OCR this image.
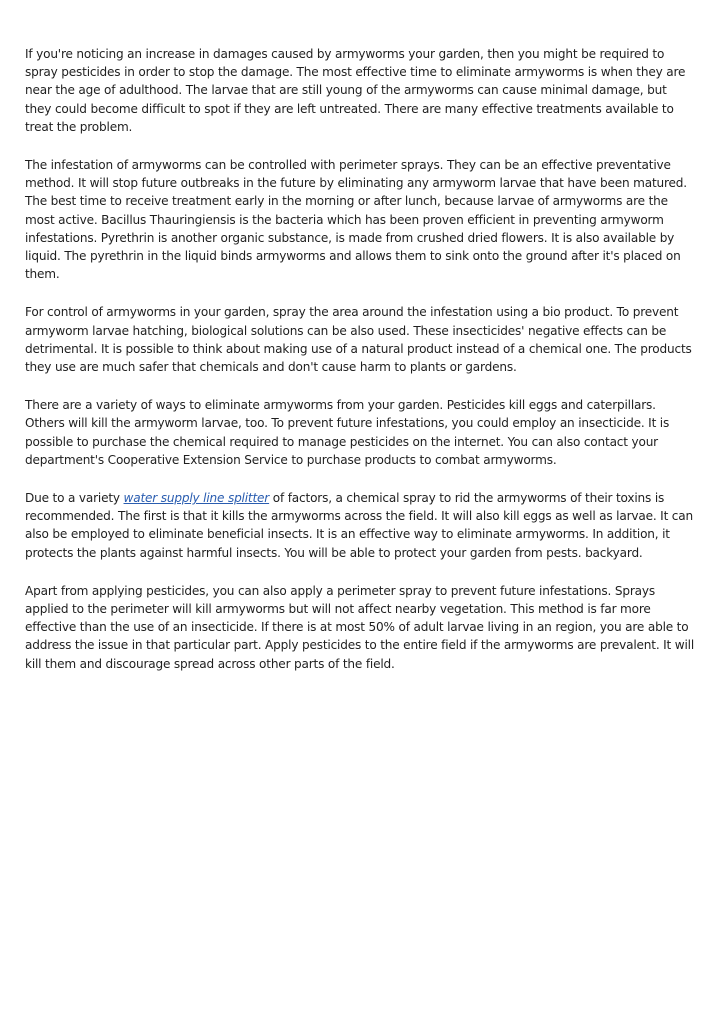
If you're noticing an increase in damages caused by armyworms your garden, then you might be required to spray pesticides in order to stop the damage. The most effective time to eliminate armyworms is when they are near the age of adulthood. The larvae that are still young of the armyworms can cause minimal damage, but they could become difficult to spot if they are left untreated. There are many effective treatments available to treat the problem.

The infestation of armyworms can be controlled with perimeter sprays. They can be an effective preventative method. It will stop future outbreaks in the future by eliminating any armyworm larvae that have been matured. The best time to receive treatment early in the morning or after lunch, because larvae of armyworms are the most active. Bacillus Thauringiensis is the bacteria which has been proven efficient in preventing armyworm infestations. Pyrethrin is another organic substance, is made from crushed dried flowers. It is also available by liquid. The pyrethrin in the liquid binds armyworms and allows them to sink onto the ground after it's placed on them.

For control of armyworms in your garden, spray the area around the infestation using a bio product. To prevent armyworm larvae hatching, biological solutions can be also used. These insecticides' negative effects can be detrimental. It is possible to think about making use of a natural product instead of a chemical one. The products they use are much safer that chemicals and don't cause harm to plants or gardens.

There are a variety of ways to eliminate armyworms from your garden. Pesticides kill eggs and caterpillars. Others will kill the armyworm larvae, too. To prevent future infestations, you could employ an insecticide. It is possible to purchase the chemical required to manage pesticides on the internet. You can also contact your department's Cooperative Extension Service to purchase products to combat armyworms.

Due to a variety water supply line splitter of factors, a chemical spray to rid the armyworms of their toxins is recommended. The first is that it kills the armyworms across the field. It will also kill eggs as well as larvae. It can also be employed to eliminate beneficial insects. It is an effective way to eliminate armyworms. In addition, it protects the plants against harmful insects. You will be able to protect your garden from pests. backyard.

Apart from applying pesticides, you can also apply a perimeter spray to prevent future infestations. Sprays applied to the perimeter will kill armyworms but will not affect nearby vegetation. This method is far more effective than the use of an insecticide. If there is at most 50% of adult larvae living in an region, you are able to address the issue in that particular part. Apply pesticides to the entire field if the armyworms are prevalent. It will kill them and discourage spread across other parts of the field.
